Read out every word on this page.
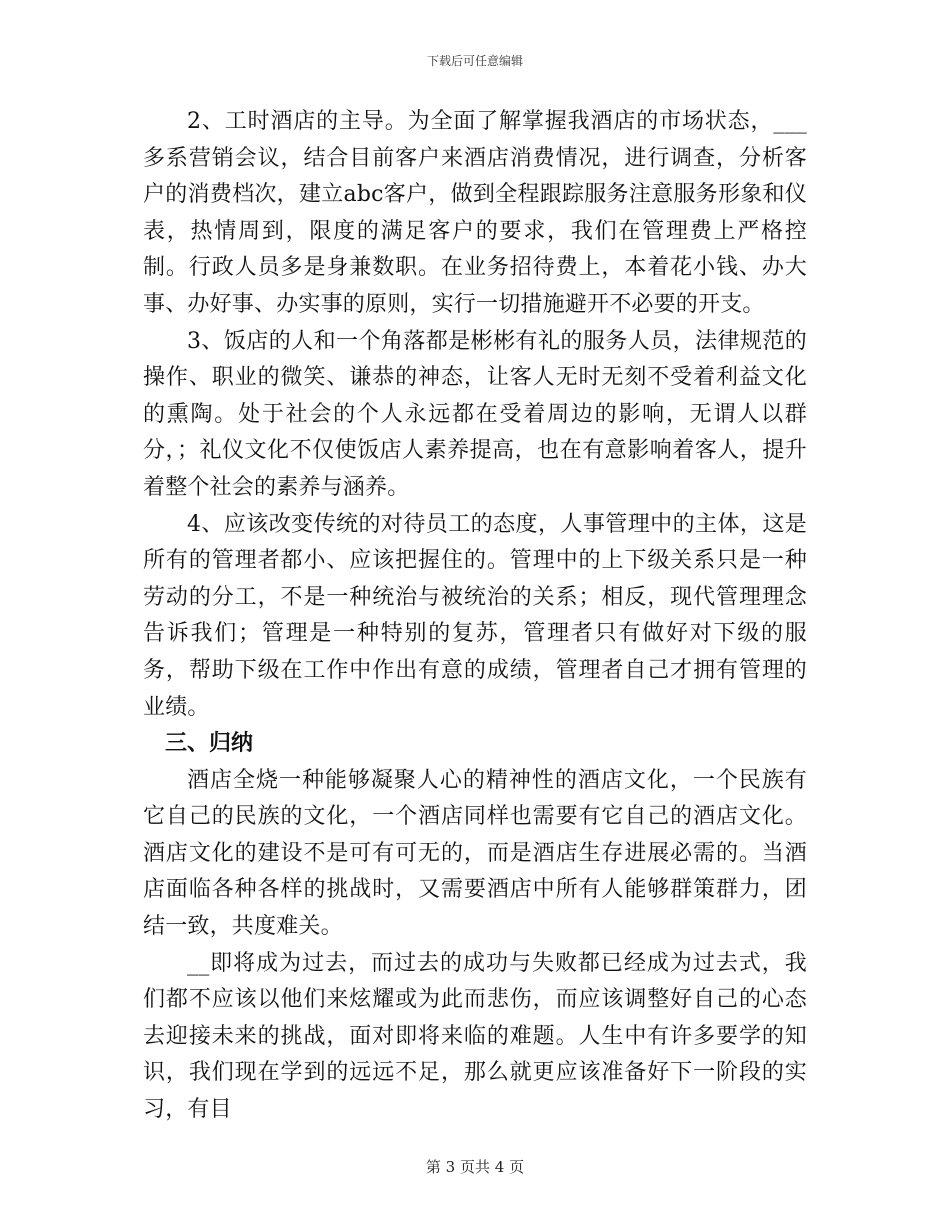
下载后可任意编辑

2、工时酒店的主导。为全面了解掌握我酒店的市场状态，___多系营销会议，结合目前客户来酒店消费情况，进行调查，分析客户的消费档次，建立abc客户，做到全程跟踪服务注意服务形象和仪表，热情周到，限度的满足客户的要求，我们在管理费上严格控制。行政人员多是身兼数职。在业务招待费上，本着花小钱、办大事、办好事、办实事的原则，实行一切措施避开不必要的开支。

3、饭店的人和一个角落都是彬彬有礼的服务人员，法律规范的操作、职业的微笑、谦恭的神态，让客人无时无刻不受着利益文化的熏陶。处于社会的个人永远都在受着周边的影响，无谓人以群分，；礼仪文化不仅使饭店人素养提高，也在有意影响着客人，提升着整个社会的素养与涵养。

4、应该改变传统的对待员工的态度，人事管理中的主体，这是所有的管理者都小、应该把握住的。管理中的上下级关系只是一种劳动的分工，不是一种统治与被统治的关系；相反，现代管理理念告诉我们；管理是一种特别的复苏，管理者只有做好对下级的服务，帮助下级在工作中作出有意的成绩，管理者自己才拥有管理的业绩。

三、归纳

酒店全烧一种能够凝聚人心的精神性的酒店文化，一个民族有它自己的民族的文化，一个酒店同样也需要有它自己的酒店文化。酒店文化的建设不是可有可无的，而是酒店生存进展必需的。当酒店面临各种各样的挑战时，又需要酒店中所有人能够群策群力，团结一致，共度难关。

__即将成为过去，而过去的成功与失败都已经成为过去式，我们都不应该以他们来炫耀或为此而悲伤，而应该调整好自己的心态去迎接未来的挑战，面对即将来临的难题。人生中有许多要学的知识，我们现在学到的远远不足，那么就更应该准备好下一阶段的实习，有目

第 3 页共 4 页
